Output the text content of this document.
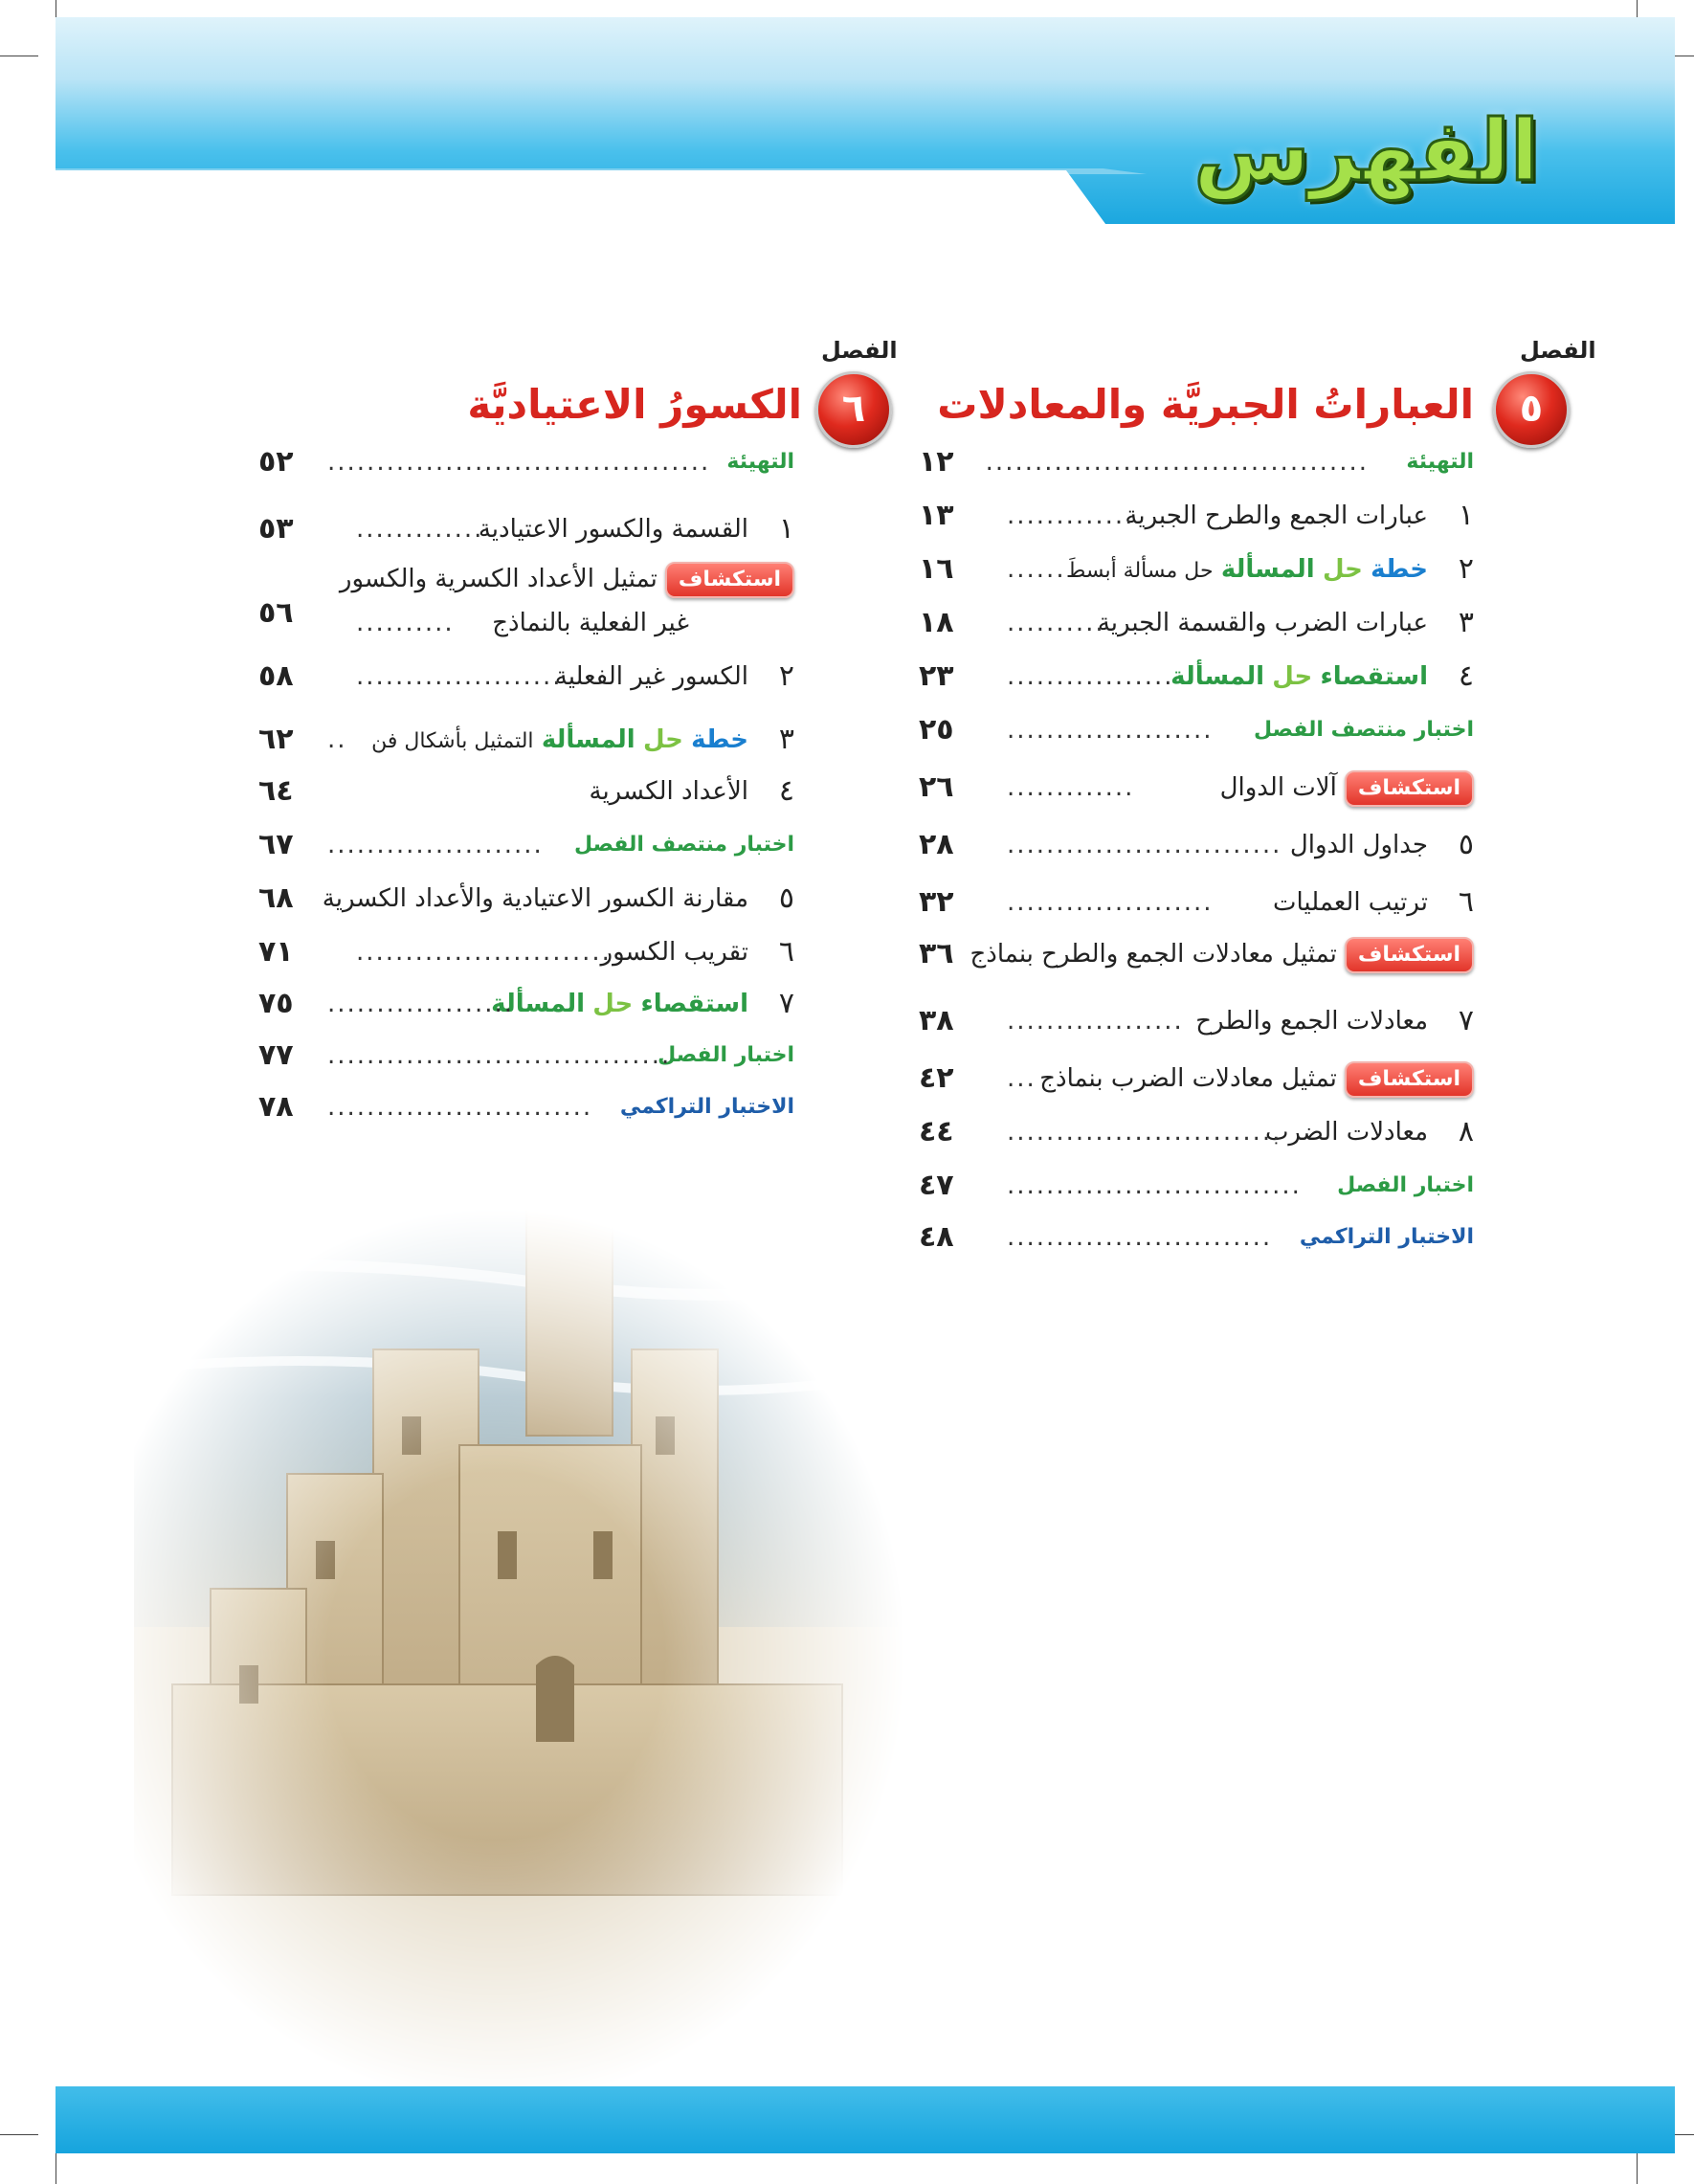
الفهرس
الفصل
٥
العباراتُ الجبريَّة والمعادلات
التهيئة
.......................................
١٢
١
عبارات الجمع والطرح الجبرية
.............
١٣
٢
خطة حل المسألة حل مسألة أبسطَ
......
١٦
٣
عبارات الضرب والقسمة الجبرية
..........
١٨
٤
استقصاء حل المسألة
.................
٢٣
اختبار منتصف الفصل
.....................
٢٥
استكشافآلات الدوال
.............
٢٦
٥
جداول الدوال
............................
٢٨
٦
ترتيب العمليات
.....................
٣٢
استكشافتمثيل معادلات الجمع والطرح بنماذج
٣٦
٧
معادلات الجمع والطرح
..................
٣٨
استكشافتمثيل معادلات الضرب بنماذج
...
٤٢
٨
معادلات الضرب
............................
٤٤
اختبار الفصل
..............................
٤٧
الاختبار التراكمي
...........................
٤٨
الفصل
٦
الكسورُ الاعتياديَّة
التهيئة
.......................................
٥٢
١
القسمة والكسور الاعتيادية
.............
٥٣
استكشافتمثيل الأعداد الكسرية والكسور
غير الفعلية بالنماذج
..........
٥٦
٢
الكسور غير الفعلية
.....................
٥٨
٣
خطة حل المسألة التمثيل بأشكال فن
..
٦٢
٤
الأعداد الكسرية
٦٤
اختبار منتصف الفصل
......................
٦٧
٥
مقارنة الكسور الاعتيادية والأعداد الكسرية
٦٨
٦
تقريب الكسور
..........................
٧١
٧
استقصاء حل المسألة
...................
٧٥
اختبار الفصل
...................................
٧٧
الاختبار التراكمي
...........................
٧٨
